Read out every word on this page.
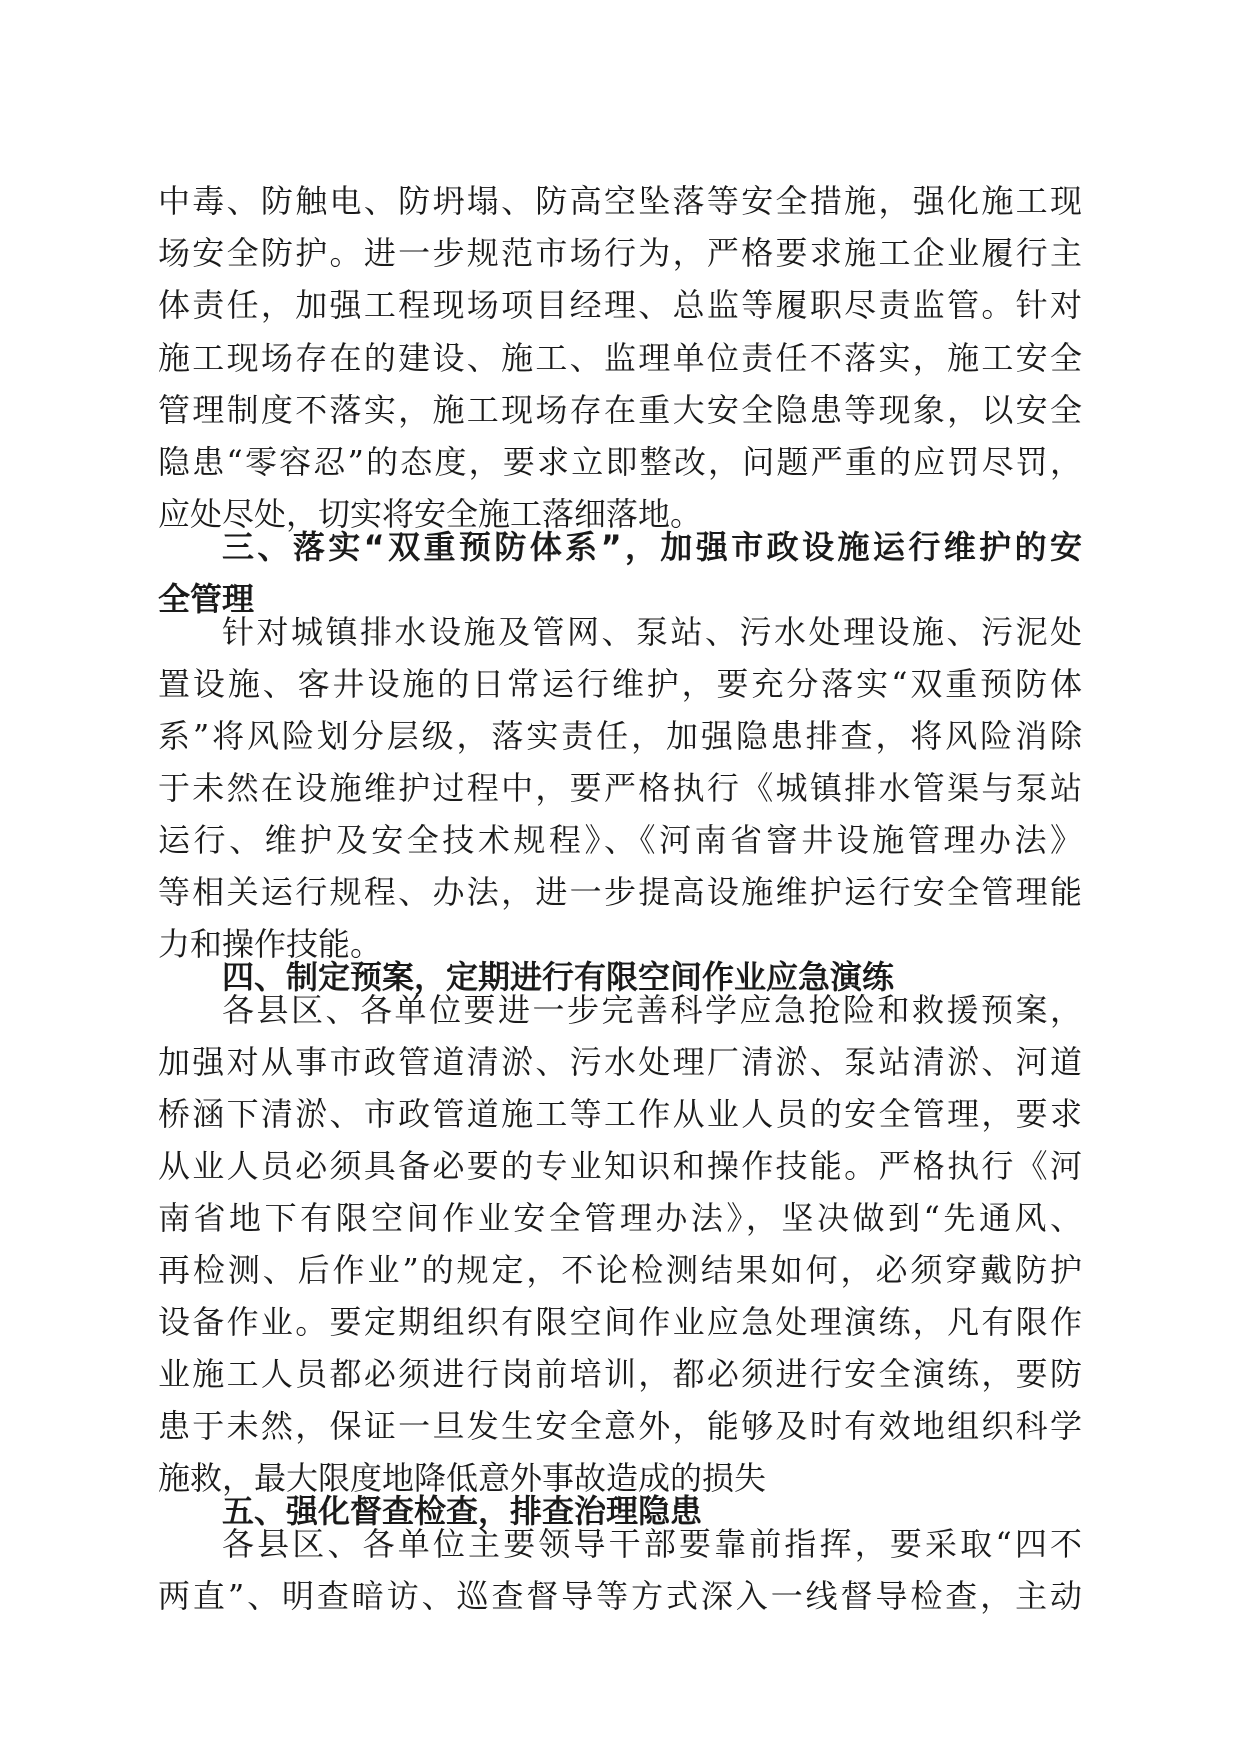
中毒、防触电、防坍塌、防高空坠落等安全措施，强化施工现
场安全防护。进一步规范市场行为，严格要求施工企业履行主
体责任，加强工程现场项目经理、总监等履职尽责监管。针对
施工现场存在的建设、施工、监理单位责任不落实，施工安全
管理制度不落实，施工现场存在重大安全隐患等现象，以安全
隐患“零容忍”的态度，要求立即整改，问题严重的应罚尽罚，
应处尽处，切实将安全施工落细落地。
三、落实“双重预防体系”，加强市政设施运行维护的安
全管理
针对城镇排水设施及管网、泵站、污水处理设施、污泥处
置设施、客井设施的日常运行维护，要充分落实“双重预防体
系”将风险划分层级，落实责任，加强隐患排查，将风险消除
于未然在设施维护过程中，要严格执行《城镇排水管渠与泵站
运行、维护及安全技术规程》、《河南省窨井设施管理办法》
等相关运行规程、办法，进一步提高设施维护运行安全管理能
力和操作技能。
四、制定预案，定期进行有限空间作业应急演练
各县区、各单位要进一步完善科学应急抢险和救援预案，
加强对从事市政管道清淤、污水处理厂清淤、泵站清淤、河道
桥涵下清淤、市政管道施工等工作从业人员的安全管理，要求
从业人员必须具备必要的专业知识和操作技能。严格执行《河
南省地下有限空间作业安全管理办法》，坚决做到“先通风、
再检测、后作业”的规定，不论检测结果如何，必须穿戴防护
设备作业。要定期组织有限空间作业应急处理演练，凡有限作
业施工人员都必须进行岗前培训，都必须进行安全演练，要防
患于未然，保证一旦发生安全意外，能够及时有效地组织科学
施救，最大限度地降低意外事故造成的损失
五、强化督查检查，排查治理隐患
各县区、各单位主要领导干部要靠前指挥，要采取“四不
两直”、明查暗访、巡查督导等方式深入一线督导检查，主动
